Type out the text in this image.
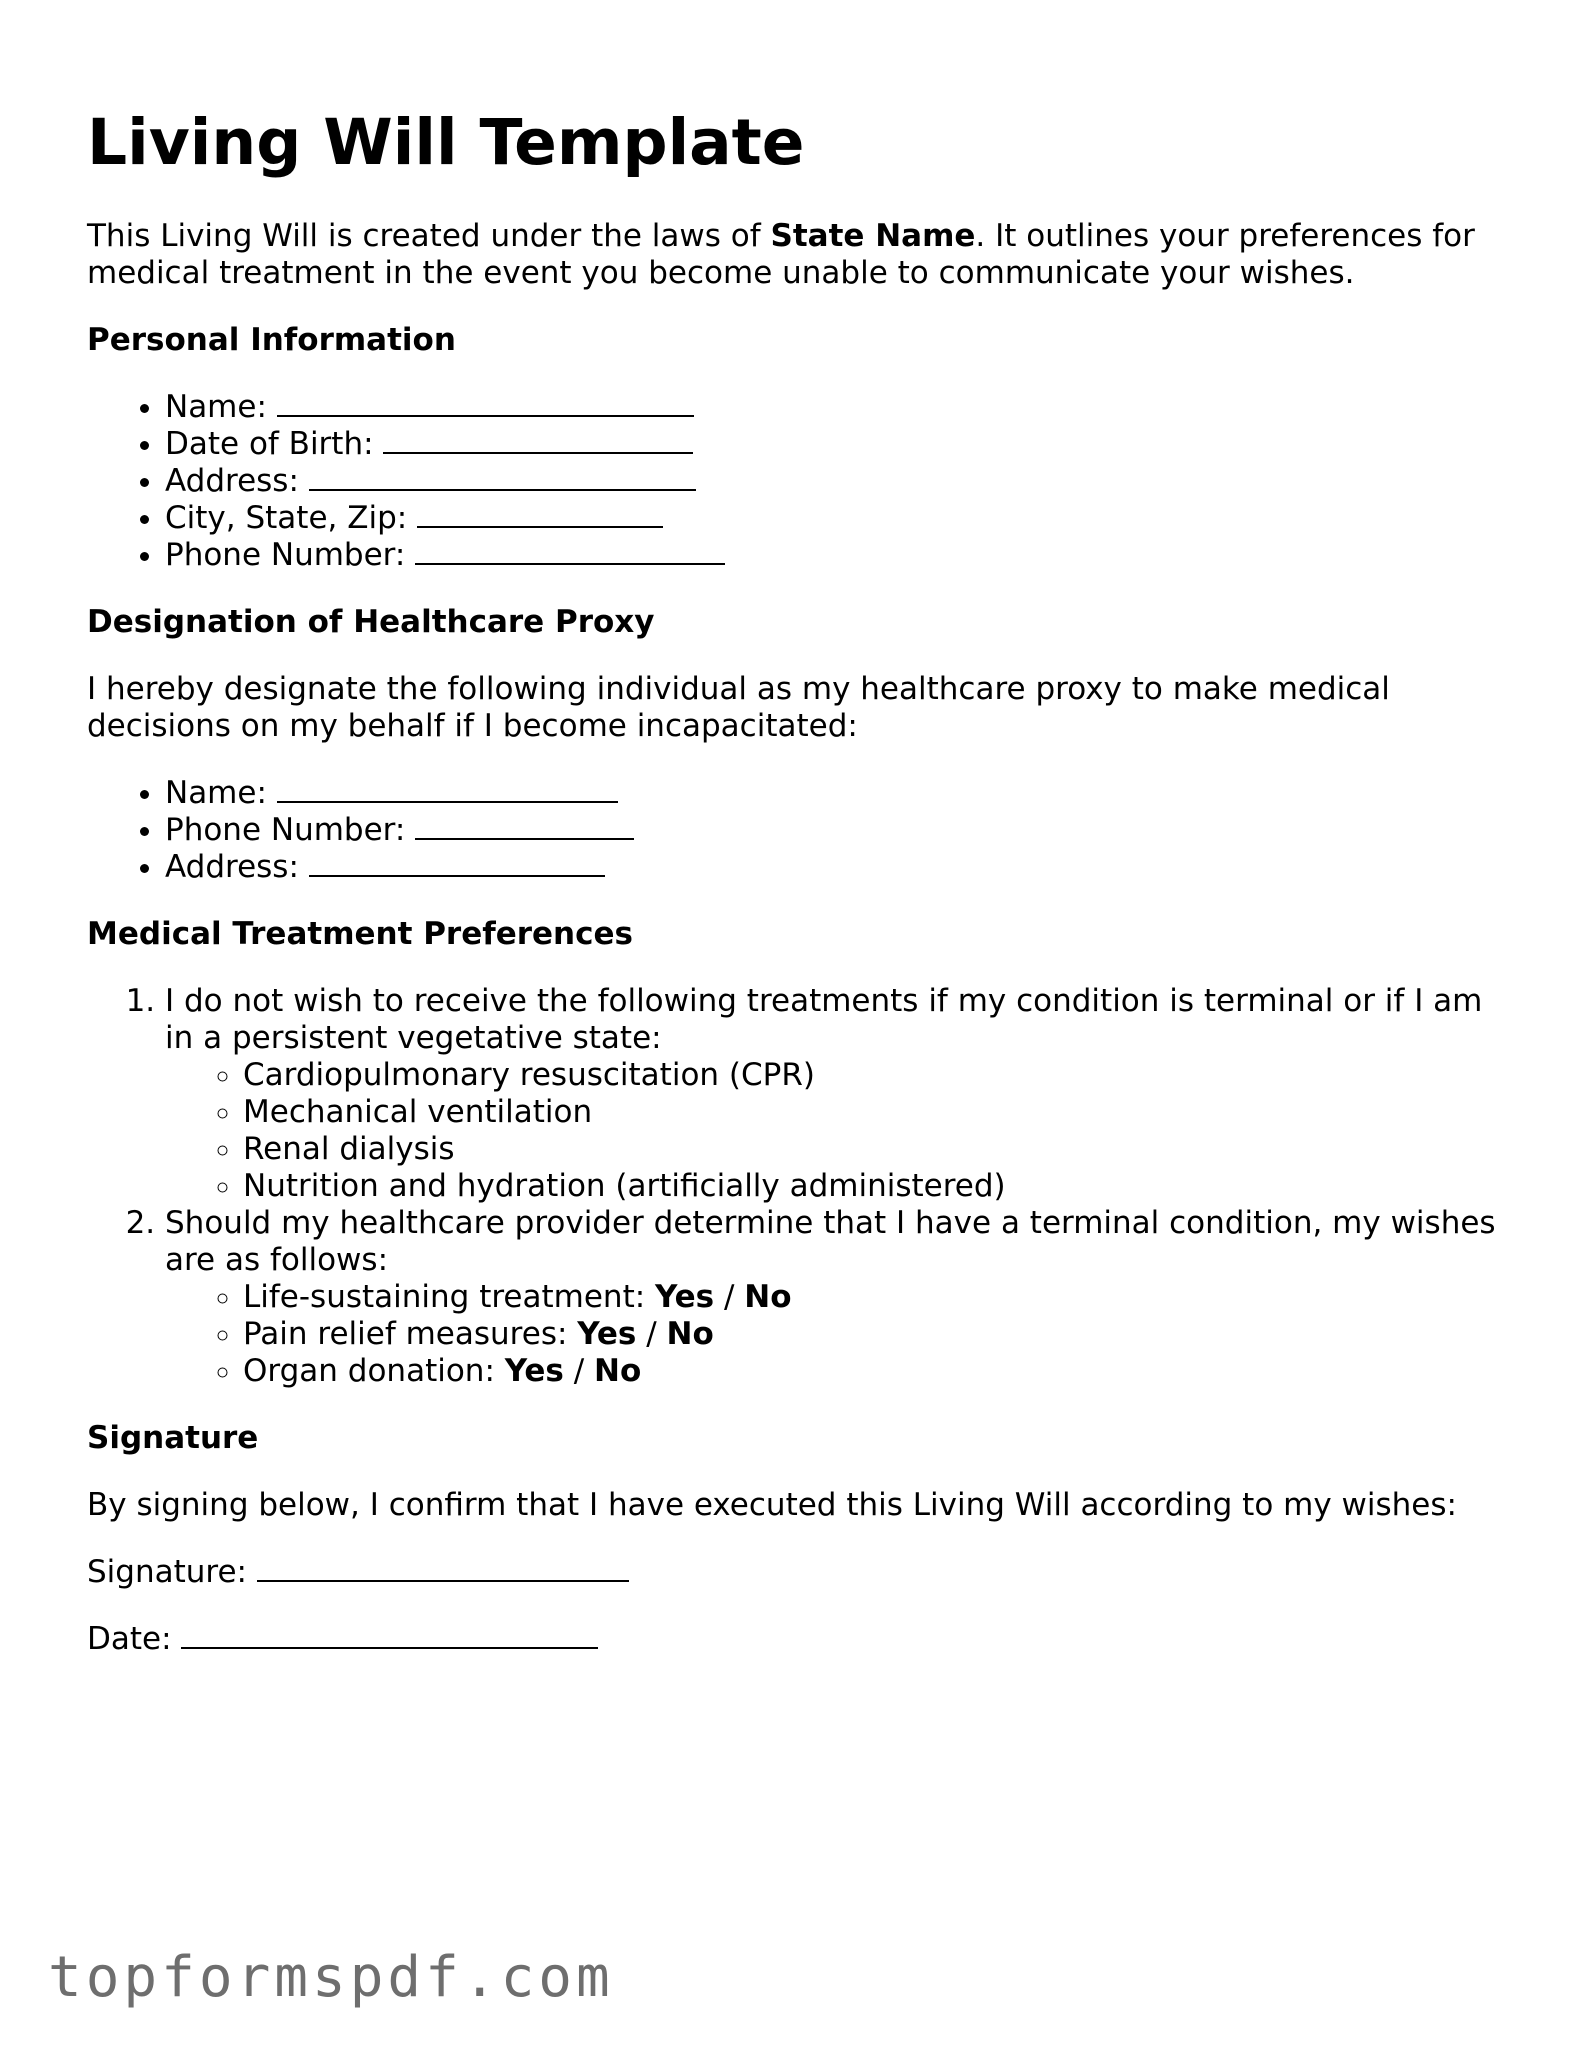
Living Will Template

This Living Will is created under the laws of State Name. It outlines your preferences for medical treatment in the event you become unable to communicate your wishes.

Personal Information
• Name:
• Date of Birth:
• Address:
• City, State, Zip:
• Phone Number:
Designation of Healthcare Proxy

I hereby designate the following individual as my healthcare proxy to make medical decisions on my behalf if I become incapacitated:

• Name:
• Phone Number:
• Address:
Medical Treatment Preferences
1. I do not wish to receive the following treatments if my condition is terminal or if I am in a persistent vegetative state:
◦ Cardiopulmonary resuscitation (CPR)
◦ Mechanical ventilation
◦ Renal dialysis
◦ Nutrition and hydration (artificially administered)
2. Should my healthcare provider determine that I have a terminal condition, my wishes are as follows:
◦ Life-sustaining treatment: Yes / No
◦ Pain relief measures: Yes / No
◦ Organ donation: Yes / No
Signature

By signing below, I confirm that I have executed this Living Will according to my wishes:

Signature:

Date:

topformspdf.com
